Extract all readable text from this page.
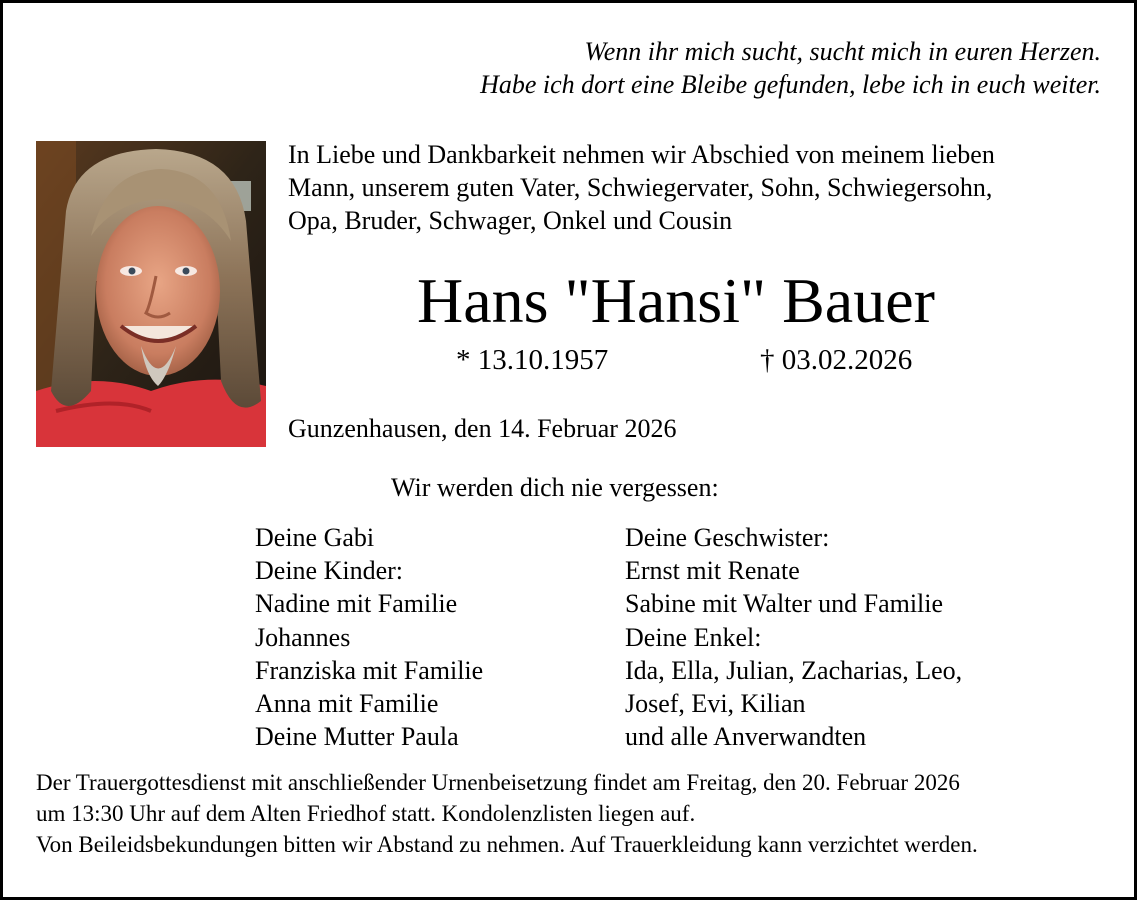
Wenn ihr mich sucht, sucht mich in euren Herzen.
Habe ich dort eine Bleibe gefunden, lebe ich in euch weiter.
In Liebe und Dankbarkeit nehmen wir Abschied von meinem lieben
Mann, unserem guten Vater, Schwiegervater, Sohn, Schwiegersohn,
Opa, Bruder, Schwager, Onkel und Cousin
Hans "Hansi" Bauer
* 13.10.1957	† 03.02.2026
Gunzenhausen, den 14. Februar 2026
Wir werden dich nie vergessen:
Deine Gabi
Deine Kinder:
Nadine mit Familie
Johannes
Franziska mit Familie
Anna mit Familie
Deine Mutter Paula
Deine Geschwister:
Ernst mit Renate
Sabine mit Walter und Familie
Deine Enkel:
Ida, Ella, Julian, Zacharias, Leo,
Josef, Evi, Kilian
und alle Anverwandten
Der Trauergottesdienst mit anschließender Urnenbeisetzung findet am Freitag, den 20. Februar 2026
um 13:30 Uhr auf dem Alten Friedhof statt. Kondolenzlisten liegen auf.
Von Beileidsbekundungen bitten wir Abstand zu nehmen. Auf Trauerkleidung kann verzichtet werden.
